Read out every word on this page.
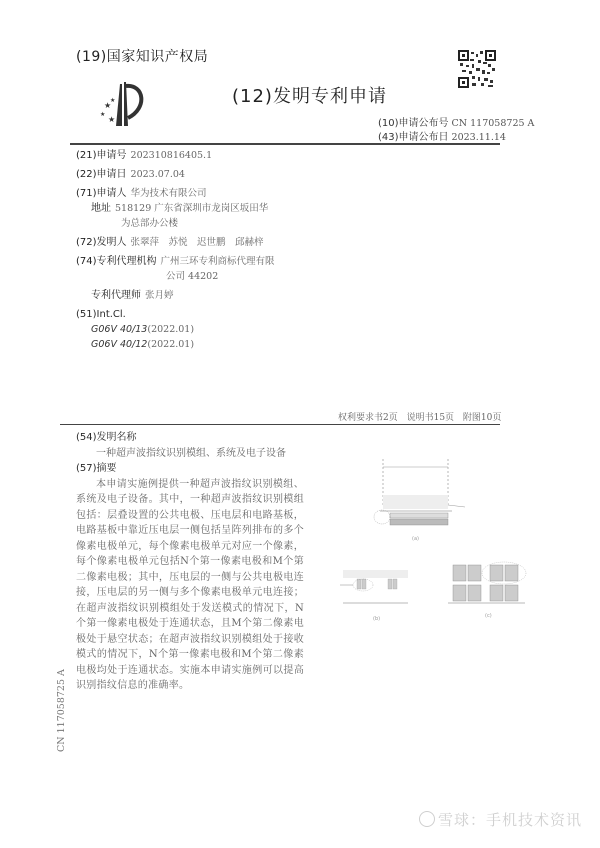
(19)国家知识产权局
★
★
★
★
(12)发明专利申请
(10)申请公布号 CN 117058725 A
(43)申请公布日 2023.11.14
(21)申请号 202310816405.1
(22)申请日 2023.07.04
(71)申请人 华为技术有限公司
地址 518129 广东省深圳市龙岗区坂田华
为总部办公楼
(72)发明人 张翠萍　苏悦　迟世鹏　邱赫梓
(74)专利代理机构 广州三环专利商标代理有限
公司 44202
专利代理师 张月婷
(51)Int.Cl.
G06V 40/13(2022.01)
G06V 40/12(2022.01)
权利要求书2页 说明书15页 附图10页
(54)发明名称
一种超声波指纹识别模组、系统及电子设备
(57)摘要
本申请实施例提供一种超声波指纹识别模组、系统及电子设备。其中，一种超声波指纹识别模组包括：层叠设置的公共电极、压电层和电路基板，电路基板中靠近压电层一侧包括呈阵列排布的多个像素电极单元，每个像素电极单元对应一个像素，每个像素电极单元包括N个第一像素电极和M个第二像素电极；其中，压电层的一侧与公共电极电连接，压电层的另一侧与多个像素电极单元电连接；在超声波指纹识别模组处于发送模式的情况下，N个第一像素电极处于连通状态，且M个第二像素电极处于悬空状态；在超声波指纹识别模组处于接收模式的情况下，N个第一像素电极和M个第二像素电极均处于连通状态。实施本申请实施例可以提高识别指纹信息的准确率。
(a)
(b)	(c)
CN 117058725 A
雪球：手机技术资讯
